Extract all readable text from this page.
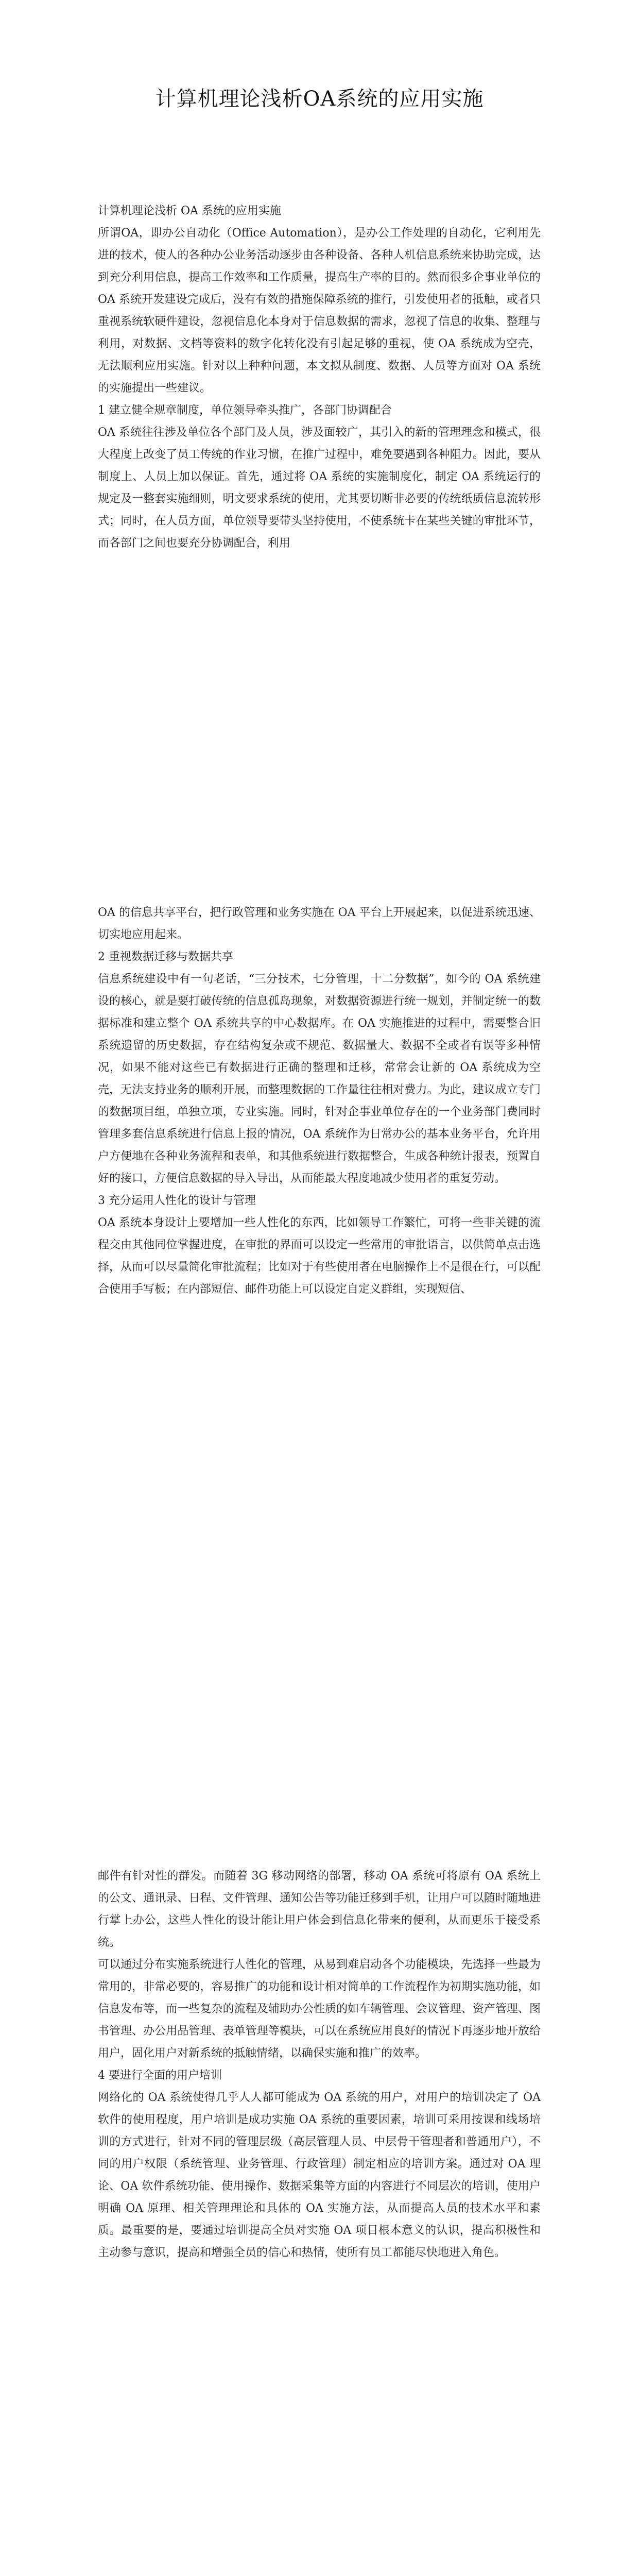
计算机理论浅析OA系统的应用实施

计算机理论浅析 OA 系统的应用实施

所谓OA，即办公自动化（Office Automation），是办公工作处理的自动化，它利用先进的技术，使人的各种办公业务活动逐步由各种设备、各种人机信息系统来协助完成，达到充分利用信息，提高工作效率和工作质量，提高生产率的目的。然而很多企事业单位的 OA 系统开发建设完成后，没有有效的措施保障系统的推行，引发使用者的抵触，或者只重视系统软硬件建设，忽视信息化本身对于信息数据的需求，忽视了信息的收集、整理与利用，对数据、文档等资料的数字化转化没有引起足够的重视，使 OA 系统成为空壳，无法顺利应用实施。针对以上种种问题，本文拟从制度、数据、人员等方面对 OA 系统的实施提出一些建议。

1 建立健全规章制度，单位领导牵头推广，各部门协调配合

OA 系统往往涉及单位各个部门及人员，涉及面较广，其引入的新的管理理念和模式，很大程度上改变了员工传统的作业习惯，在推广过程中，难免要遇到各种阻力。因此，要从制度上、人员上加以保证。首先，通过将 OA 系统的实施制度化，制定 OA 系统运行的规定及一整套实施细则，明文要求系统的使用，尤其要切断非必要的传统纸质信息流转形式；同时，在人员方面，单位领导要带头坚持使用，不使系统卡在某些关键的审批环节，而各部门之间也要充分协调配合，利用

OA 的信息共享平台，把行政管理和业务实施在 OA 平台上开展起来，以促进系统迅速、切实地应用起来。

2 重视数据迁移与数据共享

信息系统建设中有一句老话，“三分技术，七分管理，十二分数据”，如今的 OA 系统建设的核心，就是要打破传统的信息孤岛现象，对数据资源进行统一规划，并制定统一的数据标准和建立整个 OA 系统共享的中心数据库。在 OA 实施推进的过程中，需要整合旧系统遗留的历史数据，存在结构复杂或不规范、数据量大、数据不全或者有误等多种情况，如果不能对这些已有数据进行正确的整理和迁移，常常会让新的 OA 系统成为空壳，无法支持业务的顺利开展，而整理数据的工作量往往相对费力。为此，建议成立专门的数据项目组，单独立项，专业实施。同时，针对企事业单位存在的一个业务部门费同时管理多套信息系统进行信息上报的情况，OA 系统作为日常办公的基本业务平台，允许用户方便地在各种业务流程和表单，和其他系统进行数据整合，生成各种统计报表，预置自好的接口，方便信息数据的导入导出，从而能最大程度地减少使用者的重复劳动。

3 充分运用人性化的设计与管理

OA 系统本身设计上要增加一些人性化的东西，比如领导工作繁忙，可将一些非关键的流程交由其他同位掌握进度，在审批的界面可以设定一些常用的审批语言，以供简单点击选择，从而可以尽量简化审批流程；比如对于有些使用者在电脑操作上不是很在行，可以配合使用手写板；在内部短信、邮件功能上可以设定自定义群组，实现短信、

邮件有针对性的群发。而随着 3G 移动网络的部署，移动 OA 系统可将原有 OA 系统上的公文、通讯录、日程、文件管理、通知公告等功能迁移到手机，让用户可以随时随地进行掌上办公，这些人性化的设计能让用户体会到信息化带来的便利，从而更乐于接受系统。

可以通过分布实施系统进行人性化的管理，从易到难启动各个功能模块，先选择一些最为常用的，非常必要的，容易推广的功能和设计相对简单的工作流程作为初期实施功能，如信息发布等，而一些复杂的流程及辅助办公性质的如车辆管理、会议管理、资产管理、图书管理、办公用品管理、表单管理等模块，可以在系统应用良好的情况下再逐步地开放给用户，固化用户对新系统的抵触情绪，以确保实施和推广的效率。

4 要进行全面的用户培训

网络化的 OA 系统使得几乎人人都可能成为 OA 系统的用户，对用户的培训决定了 OA 软件的使用程度，用户培训是成功实施 OA 系统的重要因素，培训可采用按课和线场培训的方式进行，针对不同的管理层级（高层管理人员、中层骨干管理者和普通用户），不同的用户权限（系统管理、业务管理、行政管理）制定相应的培训方案。通过对 OA 理论、OA 软件系统功能、使用操作、数据采集等方面的内容进行不同层次的培训，使用户明确 OA 原理、相关管理理论和具体的 OA 实施方法，从而提高人员的技术水平和素质。最重要的是，要通过培训提高全员对实施 OA 项目根本意义的认识，提高积极性和主动参与意识，提高和增强全员的信心和热情，使所有员工都能尽快地进入角色。
